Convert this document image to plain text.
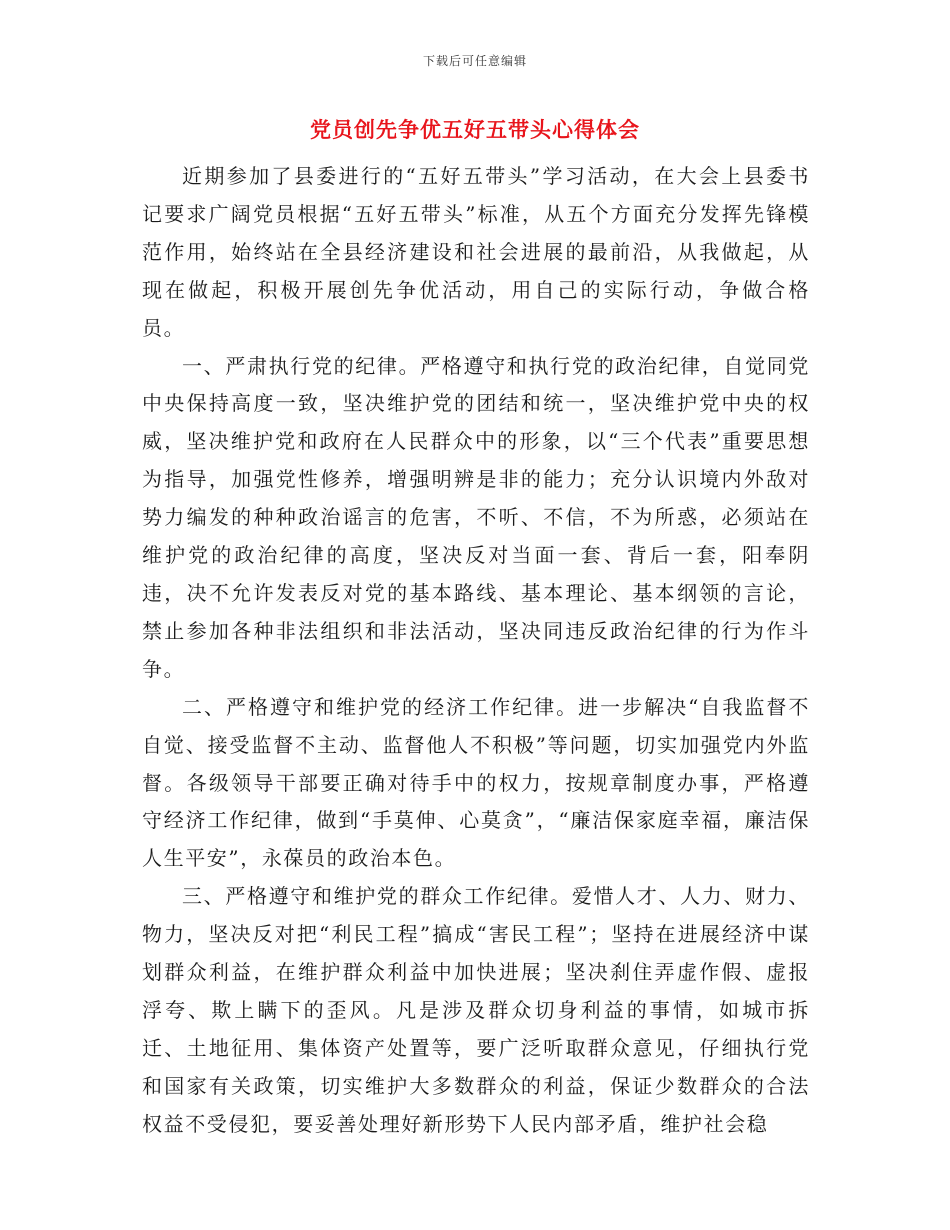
下载后可任意编辑
党员创先争优五好五带头心得体会

近期参加了县委进行的“五好五带头”学习活动，在大会上县委书记要求广阔党员根据“五好五带头”标准，从五个方面充分发挥先锋模范作用，始终站在全县经济建设和社会进展的最前沿，从我做起，从现在做起，积极开展创先争优活动，用自己的实际行动，争做合格员。

一、严肃执行党的纪律。严格遵守和执行党的政治纪律，自觉同党中央保持高度一致，坚决维护党的团结和统一，坚决维护党中央的权威，坚决维护党和政府在人民群众中的形象，以“三个代表”重要思想为指导，加强党性修养，增强明辨是非的能力；充分认识境内外敌对势力编发的种种政治谣言的危害，不听、不信，不为所惑，必须站在维护党的政治纪律的高度，坚决反对当面一套、背后一套，阳奉阴违，决不允许发表反对党的基本路线、基本理论、基本纲领的言论，禁止参加各种非法组织和非法活动，坚决同违反政治纪律的行为作斗争。

二、严格遵守和维护党的经济工作纪律。进一步解决“自我监督不自觉、接受监督不主动、监督他人不积极”等问题，切实加强党内外监督。各级领导干部要正确对待手中的权力，按规章制度办事，严格遵守经济工作纪律，做到“手莫伸、心莫贪”，“廉洁保家庭幸福，廉洁保人生平安”，永葆员的政治本色。

三、严格遵守和维护党的群众工作纪律。爱惜人才、人力、财力、物力，坚决反对把“利民工程”搞成“害民工程”；坚持在进展经济中谋划群众利益，在维护群众利益中加快进展；坚决刹住弄虚作假、虚报浮夸、欺上瞒下的歪风。凡是涉及群众切身利益的事情，如城市拆迁、土地征用、集体资产处置等，要广泛听取群众意见，仔细执行党和国家有关政策，切实维护大多数群众的利益，保证少数群众的合法权益不受侵犯，要妥善处理好新形势下人民内部矛盾，维护社会稳
